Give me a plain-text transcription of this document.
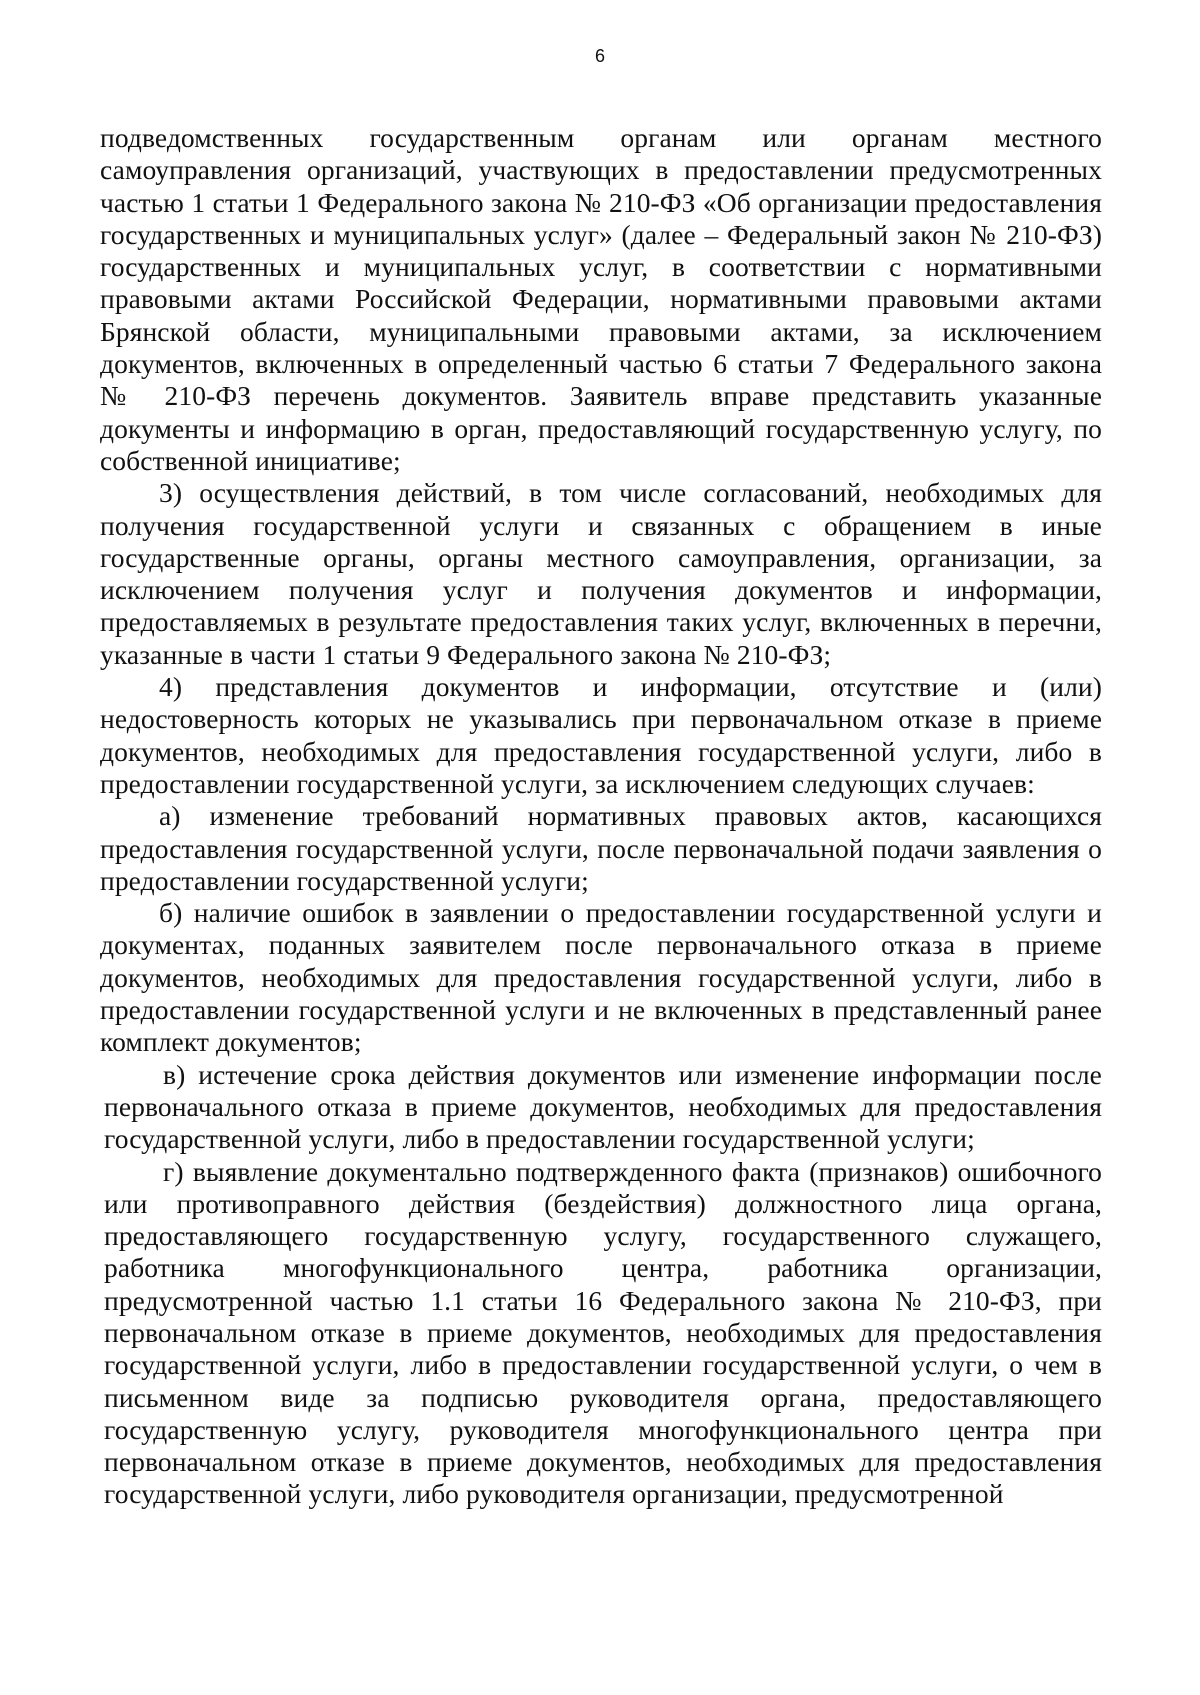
6

подведомственных государственным органам или органам местного самоуправления организаций, участвующих в предоставлении предусмотренных частью 1 статьи 1 Федерального закона № 210-ФЗ «Об организации предоставления государственных и муниципальных услуг» (далее – Федеральный закон № 210-ФЗ) государственных и муниципальных услуг, в соответствии с нормативными правовыми актами Российской Федерации, нормативными правовыми актами Брянской области, муниципальными правовыми актами, за исключением документов, включенных в определенный частью 6 статьи 7 Федерального закона № 210-ФЗ перечень документов. Заявитель вправе представить указанные документы и информацию в орган, предоставляющий государственную услугу, по собственной инициативе;

3) осуществления действий, в том числе согласований, необходимых для получения государственной услуги и связанных с обращением в иные государственные органы, органы местного самоуправления, организации, за исключением получения услуг и получения документов и информации, предоставляемых в результате предоставления таких услуг, включенных в перечни, указанные в части 1 статьи 9 Федерального закона № 210-ФЗ;

4) представления документов и информации, отсутствие и (или) недостоверность которых не указывались при первоначальном отказе в приеме документов, необходимых для предоставления государственной услуги, либо в предоставлении государственной услуги, за исключением следующих случаев:

а) изменение требований нормативных правовых актов, касающихся предоставления государственной услуги, после первоначальной подачи заявления о предоставлении государственной услуги;

б) наличие ошибок в заявлении о предоставлении государственной услуги и документах, поданных заявителем после первоначального отказа в приеме документов, необходимых для предоставления государственной услуги, либо в предоставлении государственной услуги и не включенных в представленный ранее комплект документов;

в) истечение срока действия документов или изменение информации после первоначального отказа в приеме документов, необходимых для предоставления государственной услуги, либо в предоставлении государственной услуги;

г) выявление документально подтвержденного факта (признаков) ошибочного или противоправного действия (бездействия) должностного лица органа, предоставляющего государственную услугу, государственного служащего, работника многофункционального центра, работника организации, предусмотренной частью 1.1 статьи 16 Федерального закона № 210-ФЗ, при первоначальном отказе в приеме документов, необходимых для предоставления государственной услуги, либо в предоставлении государственной услуги, о чем в письменном виде за подписью руководителя органа, предоставляющего государственную услугу, руководителя многофункционального центра при первоначальном отказе в приеме документов, необходимых для предоставления государственной услуги, либо руководителя организации, предусмотренной
